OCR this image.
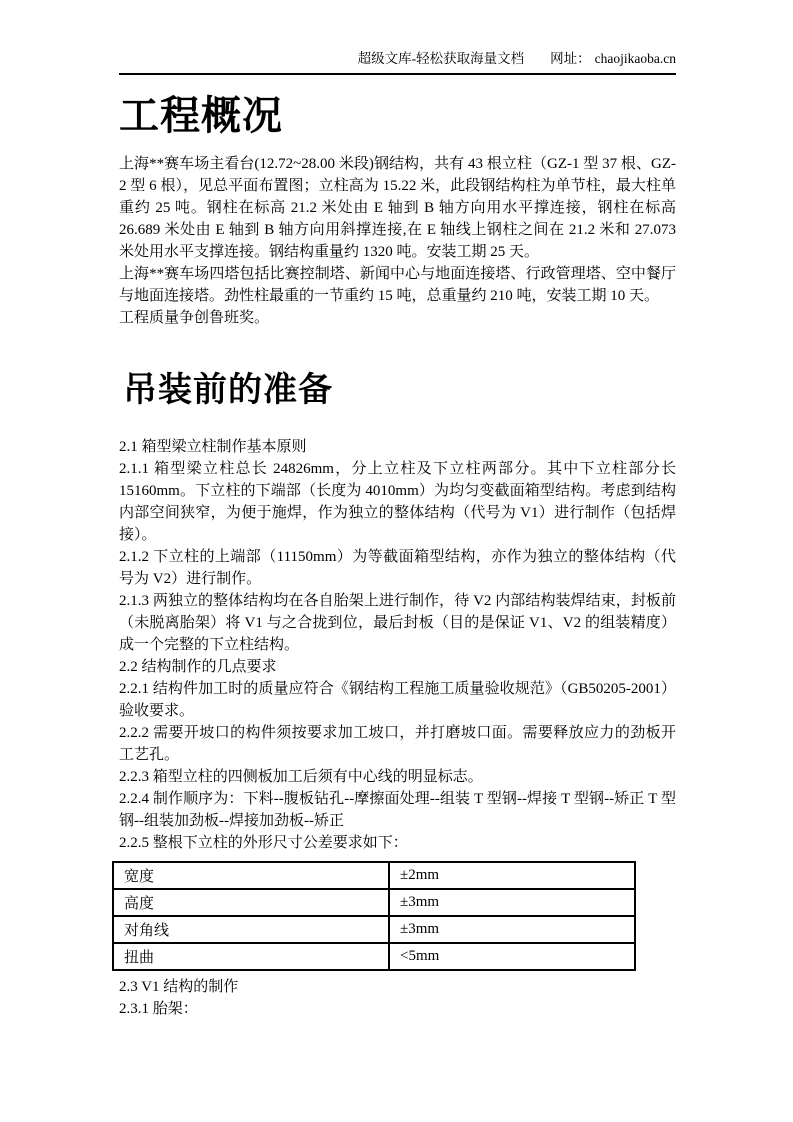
超级文库-轻松获取海量文档 网址： chaojikaoba.cn
工程概况

上海**赛车场主看台(12.72~28.00 米段)钢结构，共有 43 根立柱（GZ-1 型 37 根、GZ-2 型 6 根），见总平面布置图；立柱高为 15.22 米，此段钢结构柱为单节柱，最大柱单重约 25 吨。钢柱在标高 21.2 米处由 E 轴到 B 轴方向用水平撑连接，钢柱在标高 26.689 米处由 E 轴到 B 轴方向用斜撑连接,在 E 轴线上钢柱之间在 21.2 米和 27.073 米处用水平支撑连接。钢结构重量约 1320 吨。安装工期 25 天。

上海**赛车场四塔包括比赛控制塔、新闻中心与地面连接塔、行政管理塔、空中餐厅与地面连接塔。劲性柱最重的一节重约 15 吨，总重量约 210 吨，安装工期 10 天。

工程质量争创鲁班奖。

吊装前的准备

2.1 箱型梁立柱制作基本原则

2.1.1 箱型梁立柱总长 24826mm，分上立柱及下立柱两部分。其中下立柱部分长 15160mm。下立柱的下端部（长度为 4010mm）为均匀变截面箱型结构。考虑到结构内部空间狭窄，为便于施焊，作为独立的整体结构（代号为 V1）进行制作（包括焊接）。

2.1.2 下立柱的上端部（11150mm）为等截面箱型结构，亦作为独立的整体结构（代号为 V2）进行制作。

2.1.3 两独立的整体结构均在各自胎架上进行制作，待 V2 内部结构装焊结束，封板前（未脱离胎架）将 V1 与之合拢到位，最后封板（目的是保证 V1、V2 的组装精度）成一个完整的下立柱结构。

2.2 结构制作的几点要求

2.2.1 结构件加工时的质量应符合《钢结构工程施工质量验收规范》（GB50205-2001）验收要求。

2.2.2 需要开坡口的构件须按要求加工坡口，并打磨坡口面。需要释放应力的劲板开工艺孔。

2.2.3 箱型立柱的四侧板加工后须有中心线的明显标志。

2.2.4 制作顺序为：下料--腹板钻孔--摩擦面处理--组装 T 型钢--焊接 T 型钢--矫正 T 型钢--组装加劲板--焊接加劲板--矫正

2.2.5 整根下立柱的外形尺寸公差要求如下：

宽度	±2mm
高度	±3mm
对角线	±3mm
扭曲	<5mm

2.3 V1 结构的制作

2.3.1 胎架：
